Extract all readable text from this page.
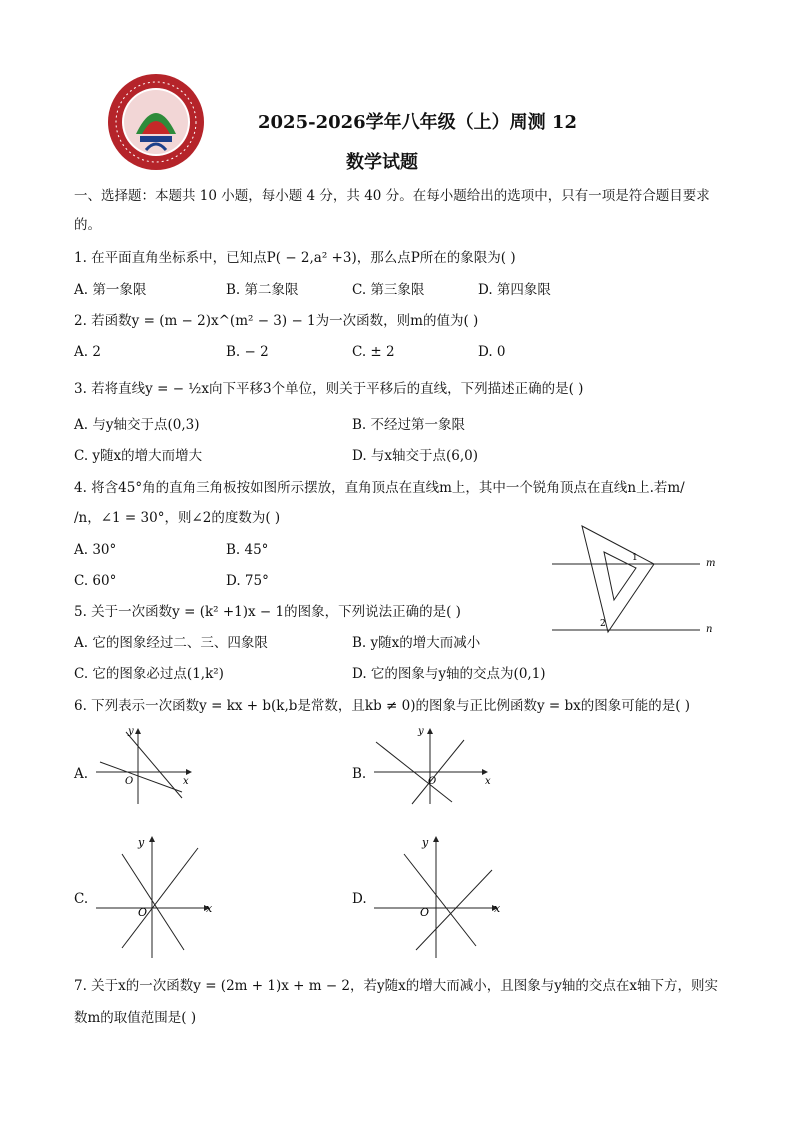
2025-2026学年八年级（上）周测 12
数学试题
一、选择题：本题共 10 小题，每小题 4 分，共 40 分。在每小题给出的选项中，只有一项是符合题目要求
的。
1. 在平面直角坐标系中，已知点P( − 2,a² +3)，那么点P所在的象限为( )
A. 第一象限	B. 第二象限	C. 第三象限	D. 第四象限
2. 若函数y = (m − 2)x^(m² − 3) − 1为一次函数，则m的值为( )
A. 2	B. − 2	C. ± 2	D. 0
3. 若将直线y = − ½x向下平移3个单位，则关于平移后的直线，下列描述正确的是( )
A. 与y轴交于点(0,3)	B. 不经过第一象限
C. y随x的增大而增大	D. 与x轴交于点(6,0)
4. 将含45°角的直角三角板按如图所示摆放，直角顶点在直线m上，其中一个锐角顶点在直线n上.若m/
/n，∠1 = 30°，则∠2的度数为( )
A. 30°	B. 45°
C. 60°	D. 75°
1
2
m
n
5. 关于一次函数y = (k² +1)x − 1的图象，下列说法正确的是( )
A. 它的图象经过二、三、四象限	B. y随x的增大而减小
C. 它的图象必过点(1,k²)	D. 它的图象与y轴的交点为(0,1)
6. 下列表示一次函数y = kx + b(k,b是常数，且kb ≠ 0)的图象与正比例函数y = bx的图象可能的是( )
A.
y
x
O	B.
y
x
O
C.
y
x
O
D.
y
x
O
7. 关于x的一次函数y = (2m + 1)x + m − 2，若y随x的增大而减小，且图象与y轴的交点在x轴下方，则实
数m的取值范围是( )
